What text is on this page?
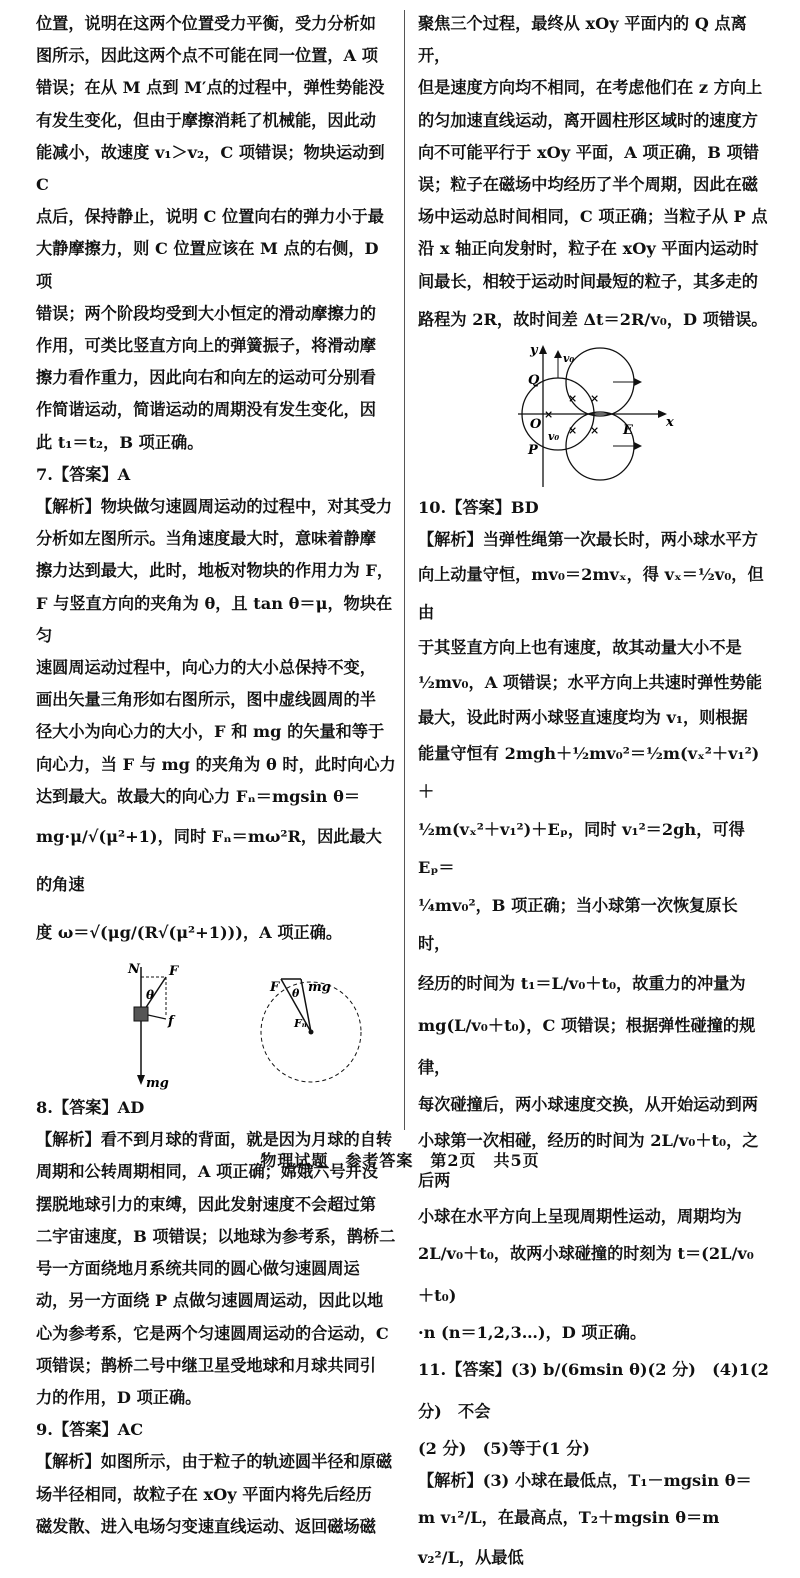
位置，说明在这两个位置受力平衡，受力分析如

图所示，因此这两个点不可能在同一位置，A 项

错误；在从 M 点到 M′点的过程中，弹性势能没

有发生变化，但由于摩擦消耗了机械能，因此动

能减小，故速度 v₁＞v₂，C 项错误；物块运动到 C

点后，保持静止，说明 C 位置向右的弹力小于最

大静摩擦力，则 C 位置应该在 M 点的右侧，D 项

错误；两个阶段均受到大小恒定的滑动摩擦力的

作用，可类比竖直方向上的弹簧振子，将滑动摩

擦力看作重力，因此向右和向左的运动可分别看

作简谐运动，简谐运动的周期没有发生变化，因

此 t₁＝t₂，B 项正确。

7.【答案】A

【解析】物块做匀速圆周运动的过程中，对其受力

分析如左图所示。当角速度最大时，意味着静摩

擦力达到最大，此时，地板对物块的作用力为 F，

F 与竖直方向的夹角为 θ，且 tan θ＝μ，物块在匀

速圆周运动过程中，向心力的大小总保持不变，

画出矢量三角形如右图所示，图中虚线圆周的半

径大小为向心力的大小，F 和 mg 的矢量和等于

向心力，当 F 与 mg 的夹角为 θ 时，此时向心力

达到最大。故最大的向心力 Fₙ＝mgsin θ＝

mg·μ/√(μ²+1)，同时 Fₙ＝mω²R，因此最大的角速

度 ω＝√(μg/(R√(μ²+1)))，A 项正确。

N F
θ
f
mg
F θ mg
Fₙ

8.【答案】AD

【解析】看不到月球的背面，就是因为月球的自转

周期和公转周期相同，A 项正确；嫦娥六号并没

摆脱地球引力的束缚，因此发射速度不会超过第

二宇宙速度，B 项错误；以地球为参考系，鹊桥二

号一方面绕地月系统共同的圆心做匀速圆周运

动，另一方面绕 P 点做匀速圆周运动，因此以地

心为参考系，它是两个匀速圆周运动的合运动，C

项错误；鹊桥二号中继卫星受地球和月球共同引

力的作用，D 项正确。

9.【答案】AC

【解析】如图所示，由于粒子的轨迹圆半径和原磁

场半径相同，故粒子在 xOy 平面内将先后经历

磁发散、进入电场匀变速直线运动、返回磁场磁

聚焦三个过程，最终从 xOy 平面内的 Q 点离开，

但是速度方向均不相同，在考虑他们在 z 方向上

的匀加速直线运动，离开圆柱形区域时的速度方

向不可能平行于 xOy 平面，A 项正确，B 项错

误；粒子在磁场中均经历了半个周期，因此在磁

场中运动总时间相同，C 项正确；当粒子从 P 点

沿 x 轴正向发射时，粒子在 xOy 平面内运动时

间最长，相较于运动时间最短的粒子，其多走的

路程为 2R，故时间差 Δt＝2R/v₀，D 项错误。

y
x
O
Q
P
E
v₀
v₀
×
× ×
×
×

10.【答案】BD

【解析】当弹性绳第一次最长时，两小球水平方

向上动量守恒，mv₀＝2mvₓ，得 vₓ＝½v₀，但由

于其竖直方向上也有速度，故其动量大小不是

½mv₀，A 项错误；水平方向上共速时弹性势能

最大，设此时两小球竖直速度均为 v₁，则根据

能量守恒有 2mgh＋½mv₀²＝½m(vₓ²＋v₁²)＋

½m(vₓ²＋v₁²)＋Eₚ，同时 v₁²＝2gh，可得 Eₚ＝

¼mv₀²，B 项正确；当小球第一次恢复原长时，

经历的时间为 t₁＝L/v₀＋t₀，故重力的冲量为

mg(L/v₀＋t₀)，C 项错误；根据弹性碰撞的规律，

每次碰撞后，两小球速度交换，从开始运动到两

小球第一次相碰，经历的时间为 2L/v₀＋t₀，之后两

小球在水平方向上呈现周期性运动，周期均为

2L/v₀＋t₀，故两小球碰撞的时刻为 t＝(2L/v₀＋t₀)

·n (n＝1,2,3…)，D 项正确。

11.【答案】(3) b/(6msin θ)(2 分)　(4)1(2 分)　不会

(2 分)　(5)等于(1 分)

【解析】(3) 小球在最低点，T₁－mgsin θ＝

m v₁²/L，在最高点，T₂＋mgsin θ＝m v₂²/L，从最低

物理试题　参考答案　第2页　共5页
